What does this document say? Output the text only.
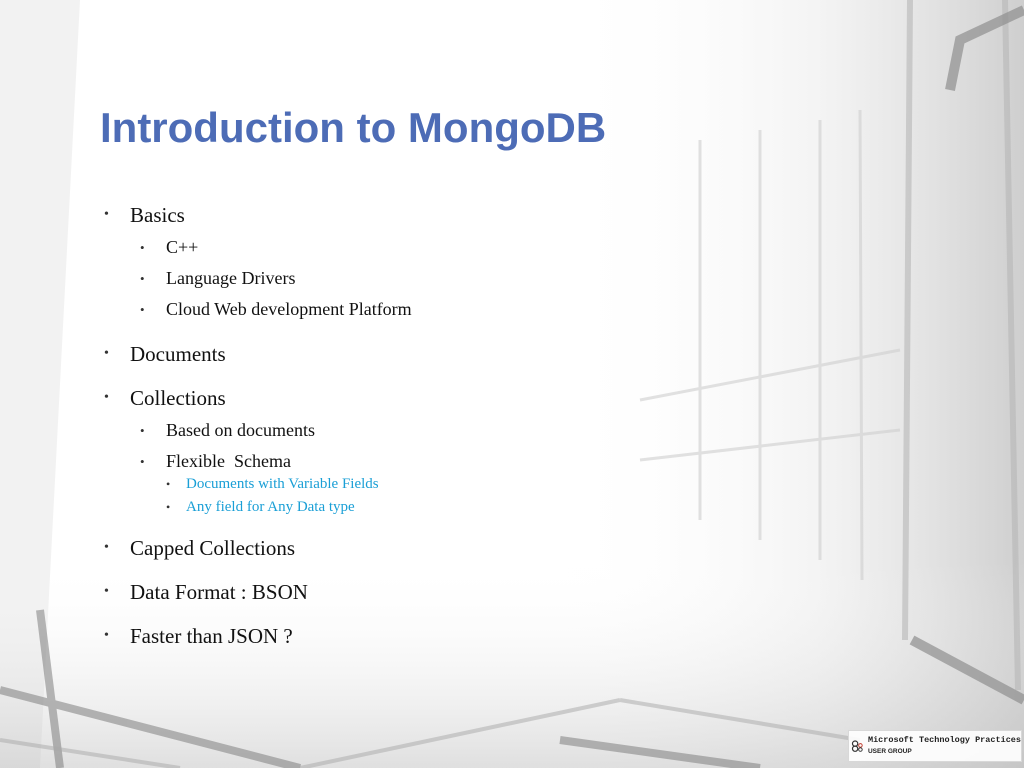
Introduction to MongoDB
• Basics
• C++
• Language Drivers
• Cloud Web development Platform
• Documents
• Collections
• Based on documents
• Flexible  Schema
• Documents with Variable Fields
• Any field for Any Data type
• Capped Collections
• Data Format : BSON
• Faster than JSON ?
Microsoft Technology Practices
USER GROUP
